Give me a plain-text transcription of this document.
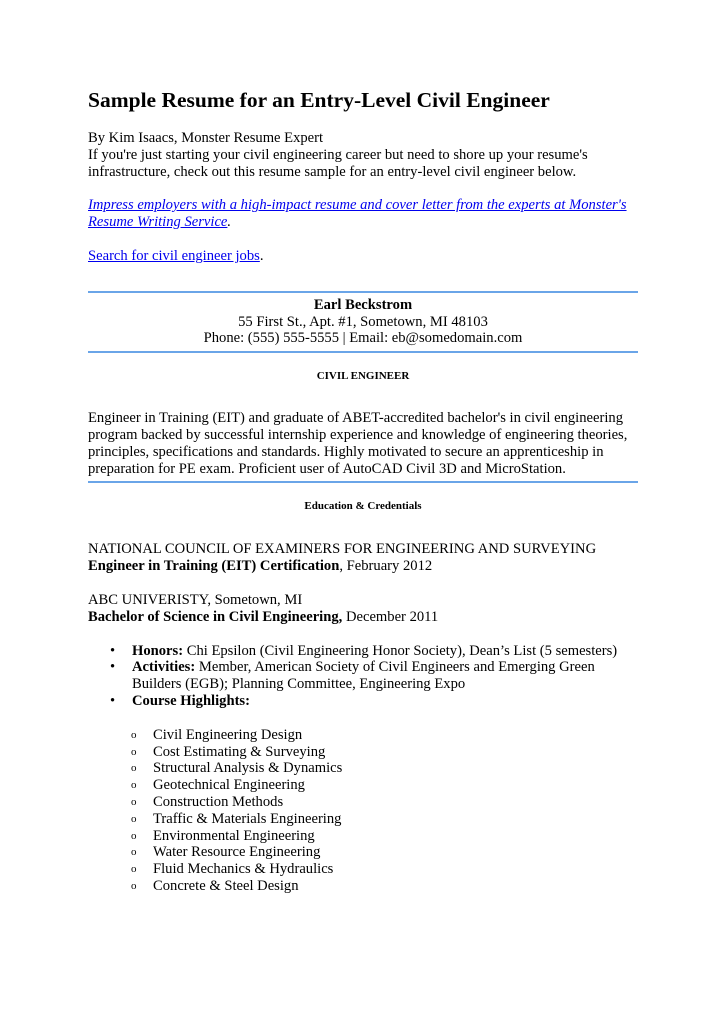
Sample Resume for an Entry-Level Civil Engineer

By Kim Isaacs, Monster Resume Expert

If you're just starting your civil engineering career but need to shore up your resume's infrastructure, check out this resume sample for an entry-level civil engineer below.

Impress employers with a high-impact resume and cover letter from the experts at Monster's Resume Writing Service.

Search for civil engineer jobs.

Earl Beckstrom

55 First St., Apt. #1, Sometown, MI 48103

Phone: (555) 555-5555 | Email: eb@somedomain.com

CIVIL ENGINEER

Engineer in Training (EIT) and graduate of ABET-accredited bachelor's in civil engineering program backed by successful internship experience and knowledge of engineering theories, principles, specifications and standards. Highly motivated to secure an apprenticeship in preparation for PE exam. Proficient user of AutoCAD Civil 3D and MicroStation.

Education & Credentials

NATIONAL COUNCIL OF EXAMINERS FOR ENGINEERING AND SURVEYING

Engineer in Training (EIT) Certification, February 2012

ABC UNIVERISTY, Sometown, MI

Bachelor of Science in Civil Engineering, December 2011

• Honors: Chi Epsilon (Civil Engineering Honor Society), Dean’s List (5 semesters)
• Activities: Member, American Society of Civil Engineers and Emerging Green Builders (EGB); Planning Committee, Engineering Expo
• Course Highlights:
o Civil Engineering Design
o Cost Estimating & Surveying
o Structural Analysis & Dynamics
o Geotechnical Engineering
o Construction Methods
o Traffic & Materials Engineering
o Environmental Engineering
o Water Resource Engineering
o Fluid Mechanics & Hydraulics
o Concrete & Steel Design
